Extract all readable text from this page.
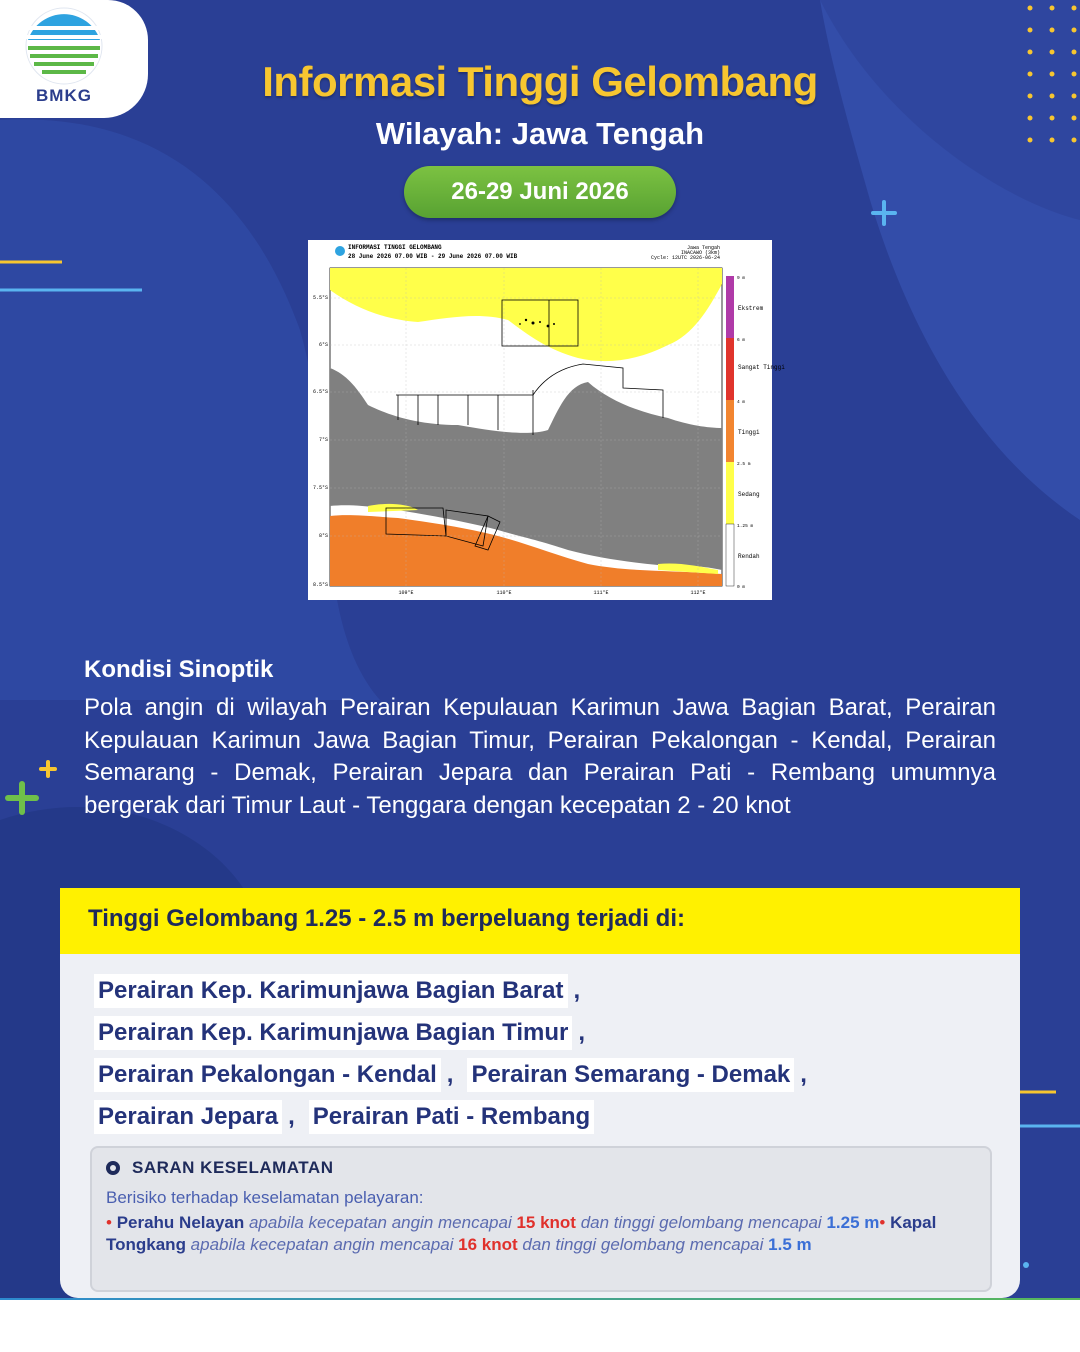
BMKG	Informasi Tinggi Gelombang
Wilayah: Jawa Tengah
26-29 Juni 2026
INFORMASI TINGGI GELOMBANG
28 June 2026 07.00 WIB - 29 June 2026 07.00 WIB
Jawa Tengah
INACAWO (3km)
Cycle: 12UTC 2026-06-24
5.5°S
6°S
6.5°S
7°S
7.5°S
8°S
8.5°S
109°E	110°E	111°E	112°E
9 m
6 m
4 m
2.5 m
1.25 m
0 m
Ekstrem
Sangat Tinggi
Tinggi
Sedang
Rendah
Kondisi Sinoptik
Pola angin di wilayah Perairan Kepulauan Karimun Jawa Bagian Barat, Perairan Kepulauan Karimun Jawa Bagian Timur, Perairan Pekalongan - Kendal, Perairan Semarang - Demak, Perairan Jepara dan Perairan Pati - Rembang umumnya bergerak dari Timur Laut - Tenggara dengan kecepatan 2 - 20 knot
Tinggi Gelombang 1.25 - 2.5 m berpeluang terjadi di:
Perairan Kep. Karimunjawa Bagian Barat ,
Perairan Kep. Karimunjawa Bagian Timur ,
Perairan Pekalongan - Kendal , Perairan Semarang - Demak ,
Perairan Jepara , Perairan Pati - Rembang
SARAN KESELAMATAN
Berisiko terhadap keselamatan pelayaran:
• Perahu Nelayan apabila kecepatan angin mencapai 15 knot dan tinggi gelombang mencapai 1.25 m• Kapal Tongkang apabila kecepatan angin mencapai 16 knot dan tinggi gelombang mencapai 1.5 m
